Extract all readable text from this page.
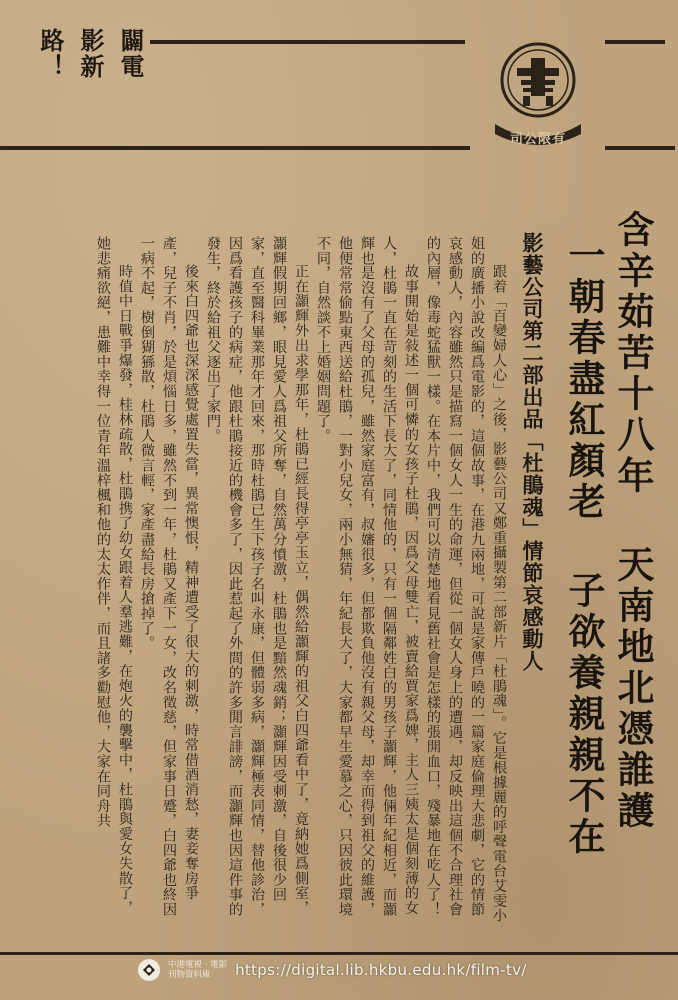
闢電
影新
路！
司公限有
含辛茹苦十八年 天南地北憑誰護
一朝春盡紅顏老 子欲養親親不在
影藝公司第二部出品「杜鵑魂」情節哀感動人

跟着「百變婦人心」之後，影藝公司又鄭重攝製第二部新片「杜鵑魂」。它是根據麗的呼聲電台艾雯小姐的廣播小說改編爲電影的，這個故事，在港九兩地，可說是家傳戶曉的一篇家庭倫理大悲劇，它的情節哀感動人，內容雖然只是描寫一個女人一生的命運，但從一個女人身上的遭遇，却反映出這個不合理社會的內層，像毒蛇猛獸一樣。在本片中，我們可以清楚地看見舊社會是怎樣的張開血口，殘暴地在吃人了！

故事開始是敍述一個可憐的女孩子杜鵑，因爲父母雙亡，被賣給賈家爲婢，主人三姨太是個刻薄的女人，杜鵑一直在苛刻的生活下長大了，同情他的，只有一個隔鄰姓白的男孩子灝輝，他倆年紀相近，而灝輝也是沒有了父母的孤兒，雖然家庭富有，叔嬸很多，但都欺負他沒有親父母，却幸而得到祖父的維護，他便常常偷點東西送給杜鵑，一對小兒女，兩小無猜，年紀長大了，大家都早生愛慕之心，只因彼此環境不同，自然談不上婚姻問題了。

正在灝輝外出求學那年，杜鵑已經長得亭亭玉立，偶然給灝輝的祖父白四爺看中了，竟納她爲側室，灝輝假期回鄉，眼見愛人爲祖父所奪，自然萬分憤激，杜鵑也是黯然魂銷；灝輝因受刺激，自後很少回家，直至醫科畢業那年才回來，那時杜鵑已生下孩子名叫永康，但體弱多病，灝輝極表同情，替他診治，因爲看護孩子的病症，他跟杜鵑接近的機會多了，因此惹起了外間的許多閒言誹謗，而灝輝也因這件事的發生，終於給祖父逐出了家門。

後來白四爺也深深感覺處置失當，異常懊恨，精神遭受了很大的刺激，時常借酒消愁，妻妾奪房爭產，兒子不肖，於是煩惱日多，雖然不到一年，杜鵑又產下一女，改名徵慈，但家事日蹙，白四爺也終因一病不起，樹倒猢猻散，杜鵑人微言輕，家產盡給長房搶掉了。

時值中日戰爭爆發，桂林疏散，杜鵑携了幼女跟着人羣逃難，在炮火的襲擊中，杜鵑與愛女失散了，她悲痛欲絕，患難中幸得一位青年溫梓楓和他的太太作伴，而且諸多勸慰他，大家在同舟共

中港電視 · 電影
刊物資料庫	https://digital.lib.hkbu.edu.hk/film-tv/
